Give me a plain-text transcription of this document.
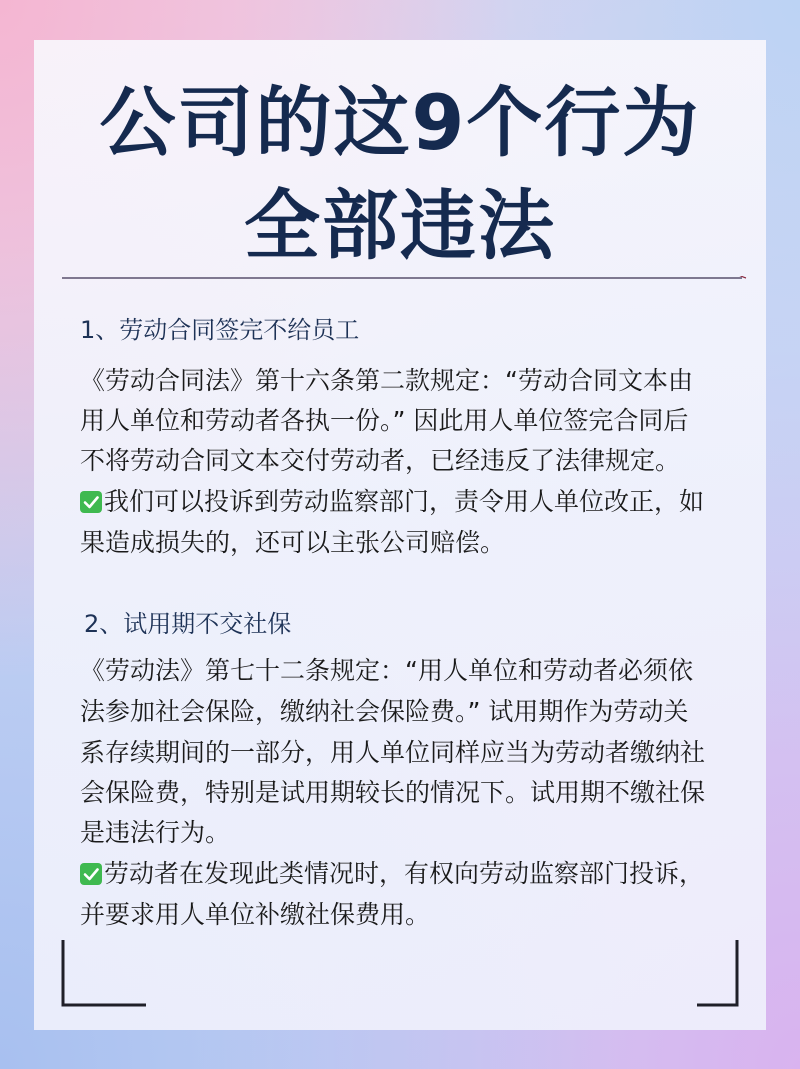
公司的这9个行为
全部违法
1、劳动合同签完不给员工
《劳动合同法》第十六条第二款规定：“劳动合同文本由
用人单位和劳动者各执一份。” 因此用人单位签完合同后
不将劳动合同文本交付劳动者，已经违反了法律规定。
我们可以投诉到劳动监察部门，责令用人单位改正，如
果造成损失的，还可以主张公司赔偿。
2、试用期不交社保
《劳动法》第七十二条规定：“用人单位和劳动者必须依
法参加社会保险，缴纳社会保险费。” 试用期作为劳动关
系存续期间的一部分，用人单位同样应当为劳动者缴纳社
会保险费，特别是试用期较长的情况下。试用期不缴社保
是违法行为。
劳动者在发现此类情况时，有权向劳动监察部门投诉，
并要求用人单位补缴社保费用。
